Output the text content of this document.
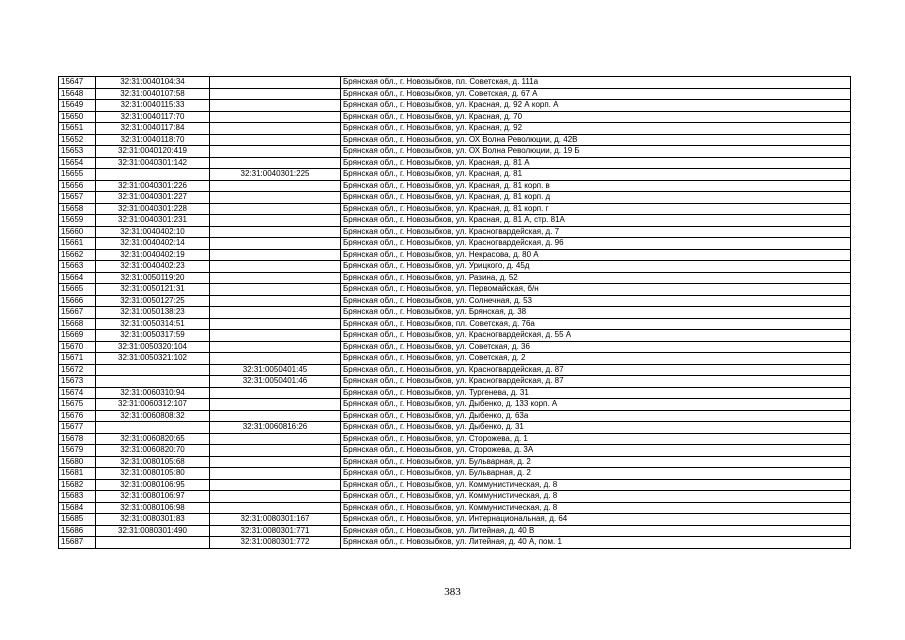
15647	32:31:0040104:34		Брянская обл., г. Новозыбков, пл. Советская, д. 111а
15648	32:31:0040107:58		Брянская обл., г. Новозыбков, ул. Советская, д. 67 А
15649	32:31:0040115:33		Брянская обл., г. Новозыбков, ул. Красная, д. 92 А корп. А
15650	32:31:0040117:70		Брянская обл., г. Новозыбков, ул. Красная, д. 70
15651	32:31:0040117:84		Брянская обл., г. Новозыбков, ул. Красная, д. 92
15652	32:31:0040118:70		Брянская обл., г. Новозыбков, ул. ОХ Волна Революции, д. 42В
15653	32:31:0040120:419		Брянская обл., г. Новозыбков, ул. ОХ Волна Революции, д. 19 Б
15654	32:31:0040301:142		Брянская обл., г. Новозыбков, ул. Красная, д. 81 А
15655		32:31:0040301:225	Брянская обл., г. Новозыбков, ул. Красная, д. 81
15656	32:31:0040301:226		Брянская обл., г. Новозыбков, ул. Красная, д. 81 корп. в
15657	32:31:0040301:227		Брянская обл., г. Новозыбков, ул. Красная, д. 81 корп. д
15658	32:31:0040301:228		Брянская обл., г. Новозыбков, ул. Красная, д. 81 корп. г
15659	32:31:0040301:231		Брянская обл., г. Новозыбков, ул. Красная, д. 81 А, стр. 81А
15660	32:31:0040402:10		Брянская обл., г. Новозыбков, ул. Красногвардейская, д. 7
15661	32:31:0040402:14		Брянская обл., г. Новозыбков, ул. Красногвардейская, д. 96
15662	32:31:0040402:19		Брянская обл., г. Новозыбков, ул. Некрасова, д. 80 А
15663	32:31:0040402:23		Брянская обл., г. Новозыбков, ул. Урицкого, д. 45д
15664	32:31:0050119:20		Брянская обл., г. Новозыбков, ул. Разина, д. 52
15665	32:31:0050121:31		Брянская обл., г. Новозыбков, ул. Первомайская, б/н
15666	32:31:0050127:25		Брянская обл., г. Новозыбков, ул. Солнечная, д. 53
15667	32:31:0050138:23		Брянская обл., г. Новозыбков, ул. Брянская, д. 38
15668	32:31:0050314:51		Брянская обл., г. Новозыбков, пл. Советская, д. 76а
15669	32:31:0050317:59		Брянская обл., г. Новозыбков, ул. Красногвардейская, д. 55 А
15670	32:31:0050320:104		Брянская обл., г. Новозыбков, ул. Советская, д. 36
15671	32:31:0050321:102		Брянская обл., г. Новозыбков, ул. Советская, д. 2
15672		32:31:0050401:45	Брянская обл., г. Новозыбков, ул. Красногвардейская, д. 87
15673		32:31:0050401:46	Брянская обл., г. Новозыбков, ул. Красногвардейская, д. 87
15674	32:31:0060310:94		Брянская обл., г. Новозыбков, ул. Тургенева, д. 31
15675	32:31:0060312:107		Брянская обл., г. Новозыбков, ул. Дыбенко, д. 133 корп. А
15676	32:31:0060808:32		Брянская обл., г. Новозыбков, ул. Дыбенко, д. 63а
15677		32:31:0060816:26	Брянская обл., г. Новозыбков, ул. Дыбенко, д. 31
15678	32:31:0060820:65		Брянская обл., г. Новозыбков, ул. Сторожева, д. 1
15679	32:31:0060820:70		Брянская обл., г. Новозыбков, ул. Сторожева, д. 3А
15680	32:31:0080105:68		Брянская обл., г. Новозыбков, ул. Бульварная, д. 2
15681	32:31:0080105:80		Брянская обл., г. Новозыбков, ул. Бульварная, д. 2
15682	32:31:0080106:95		Брянская обл., г. Новозыбков, ул. Коммунистическая, д. 8
15683	32:31:0080106:97		Брянская обл., г. Новозыбков, ул. Коммунистическая, д. 8
15684	32:31:0080106:98		Брянская обл., г. Новозыбков, ул. Коммунистическая, д. 8
15685	32:31:0080301:83	32:31:0080301:167	Брянская обл., г. Новозыбков, ул. Интернациональная, д. 64
15686	32:31:0080301:490	32:31:0080301:771	Брянская обл., г. Новозыбков, ул. Литейная, д. 40 В
15687		32:31:0080301:772	Брянская обл., г. Новозыбков, ул. Литейная, д. 40 А, пом. 1
383
